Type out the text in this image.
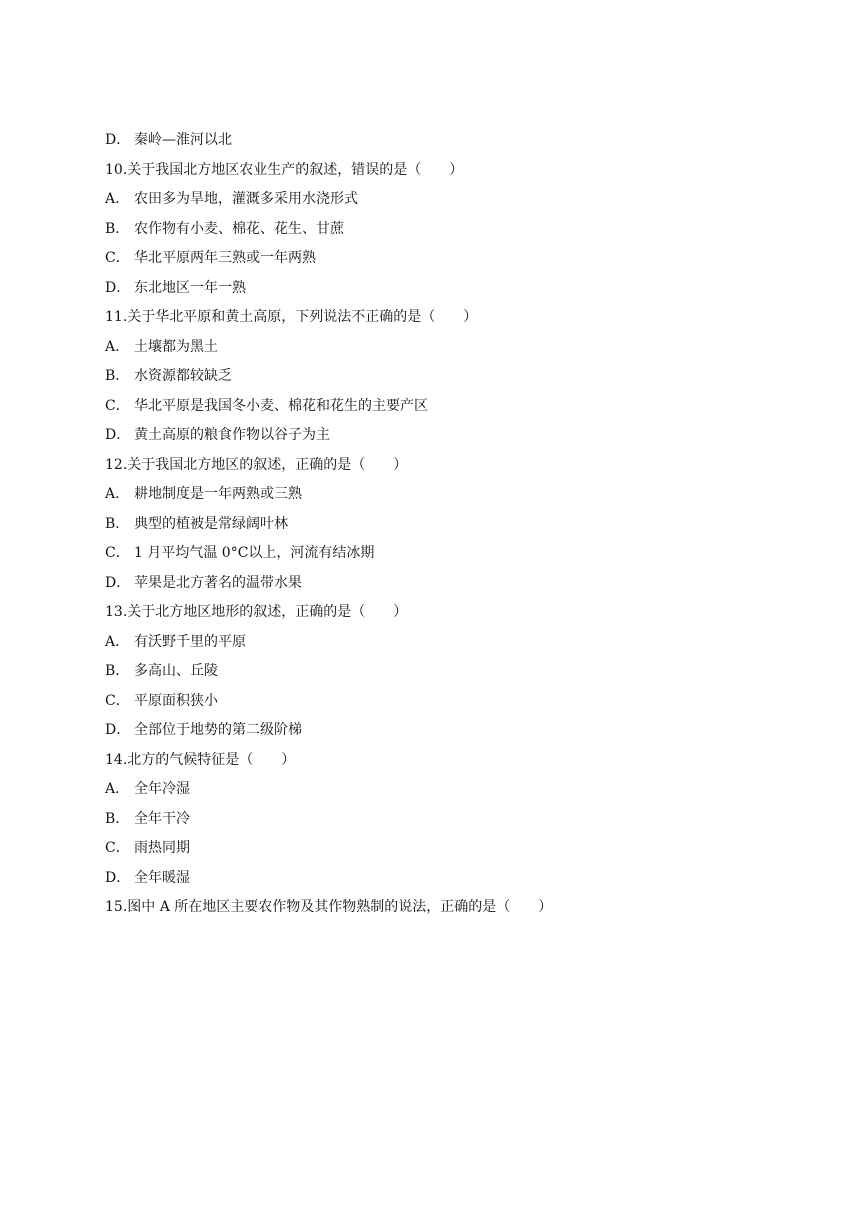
D． 秦岭—淮河以北
10.关于我国北方地区农业生产的叙述，错误的是（　　）
A． 农田多为旱地，灌溉多采用水浇形式
B． 农作物有小麦、棉花、花生、甘蔗
C． 华北平原两年三熟或一年两熟
D． 东北地区一年一熟
11.关于华北平原和黄土高原，下列说法不正确的是（　　）
A． 土壤都为黑土
B． 水资源都较缺乏
C． 华北平原是我国冬小麦、棉花和花生的主要产区
D． 黄土高原的粮食作物以谷子为主
12.关于我国北方地区的叙述，正确的是（　　）
A． 耕地制度是一年两熟或三熟
B． 典型的植被是常绿阔叶林
C． 1 月平均气温 0°C以上，河流有结冰期
D． 苹果是北方著名的温带水果
13.关于北方地区地形的叙述，正确的是（　　）
A． 有沃野千里的平原
B． 多高山、丘陵
C． 平原面积狭小
D． 全部位于地势的第二级阶梯
14.北方的气候特征是（　　）
A． 全年冷湿
B． 全年干冷
C． 雨热同期
D． 全年暖湿
15.图中 A 所在地区主要农作物及其作物熟制的说法，正确的是（　　）
